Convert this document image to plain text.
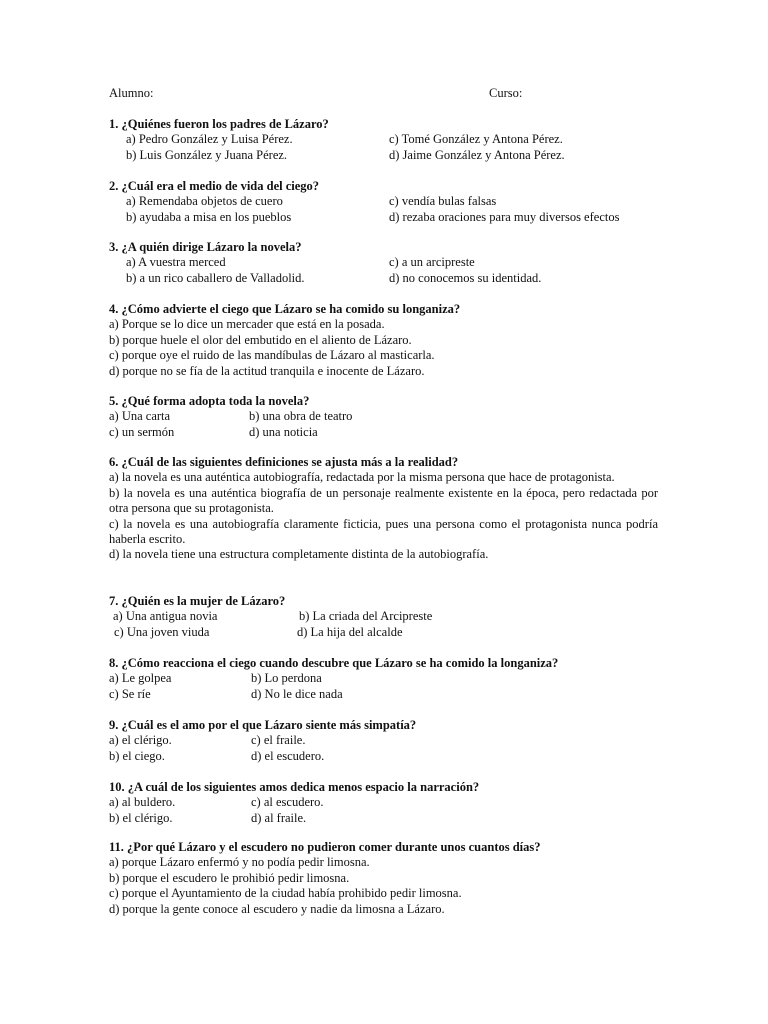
Alumno:	Curso:
1. ¿Quiénes fueron los padres de Lázaro?
a) Pedro González y Luisa Pérez.	c) Tomé González y Antona Pérez.
b) Luis González y Juana Pérez.	d) Jaime González y Antona Pérez.
2. ¿Cuál era el medio de vida del ciego?
a) Remendaba objetos de cuero	c) vendía bulas falsas
b) ayudaba a misa en los pueblos	d) rezaba oraciones para muy diversos efectos
3. ¿A quién dirige Lázaro la novela?
a) A vuestra merced	c) a un arcipreste
b) a un rico caballero de Valladolid.	d) no conocemos su identidad.
4. ¿Cómo advierte el ciego que Lázaro se ha comido su longaniza?
a) Porque se lo dice un mercader que está en la posada.
b) porque huele el olor del embutido en el aliento de Lázaro.
c) porque oye el ruido de las mandíbulas de Lázaro al masticarla.
d) porque no se fía de la actitud tranquila e inocente de Lázaro.
5. ¿Qué forma adopta toda la novela?
a) Una carta	b) una obra de teatro
c) un sermón	d) una noticia
6. ¿Cuál de las siguientes definiciones se ajusta más a la realidad?
a) la novela es una auténtica autobiografía, redactada por la misma persona que hace de protagonista.
b) la novela es una auténtica biografía de un personaje realmente existente en la época, pero redactada por otra persona que su protagonista.
c) la novela es una autobiografía claramente ficticia, pues una persona como el protagonista nunca podría haberla escrito.
d) la novela tiene una estructura completamente distinta de la autobiografía.
7. ¿Quién es la mujer de Lázaro?
a) Una antigua novia	b) La criada del Arcipreste
c) Una joven viuda	d) La hija del alcalde
8. ¿Cómo reacciona el ciego cuando descubre que Lázaro se ha comido la longaniza?
a) Le golpea	b) Lo perdona
c) Se ríe	d) No le dice nada
9. ¿Cuál es el amo por el que Lázaro siente más simpatía?
a) el clérigo.	c) el fraile.
b) el ciego.	d) el escudero.
10. ¿A cuál de los siguientes amos dedica menos espacio la narración?
a) al buldero.	c) al escudero.
b) el clérigo.	d) al fraile.
11. ¿Por qué Lázaro y el escudero no pudieron comer durante unos cuantos días?
a) porque Lázaro enfermó y no podía pedir limosna.
b) porque el escudero le prohibió pedir limosna.
c) porque el Ayuntamiento de la ciudad había prohibido pedir limosna.
d) porque la gente conoce al escudero y nadie da limosna a Lázaro.
